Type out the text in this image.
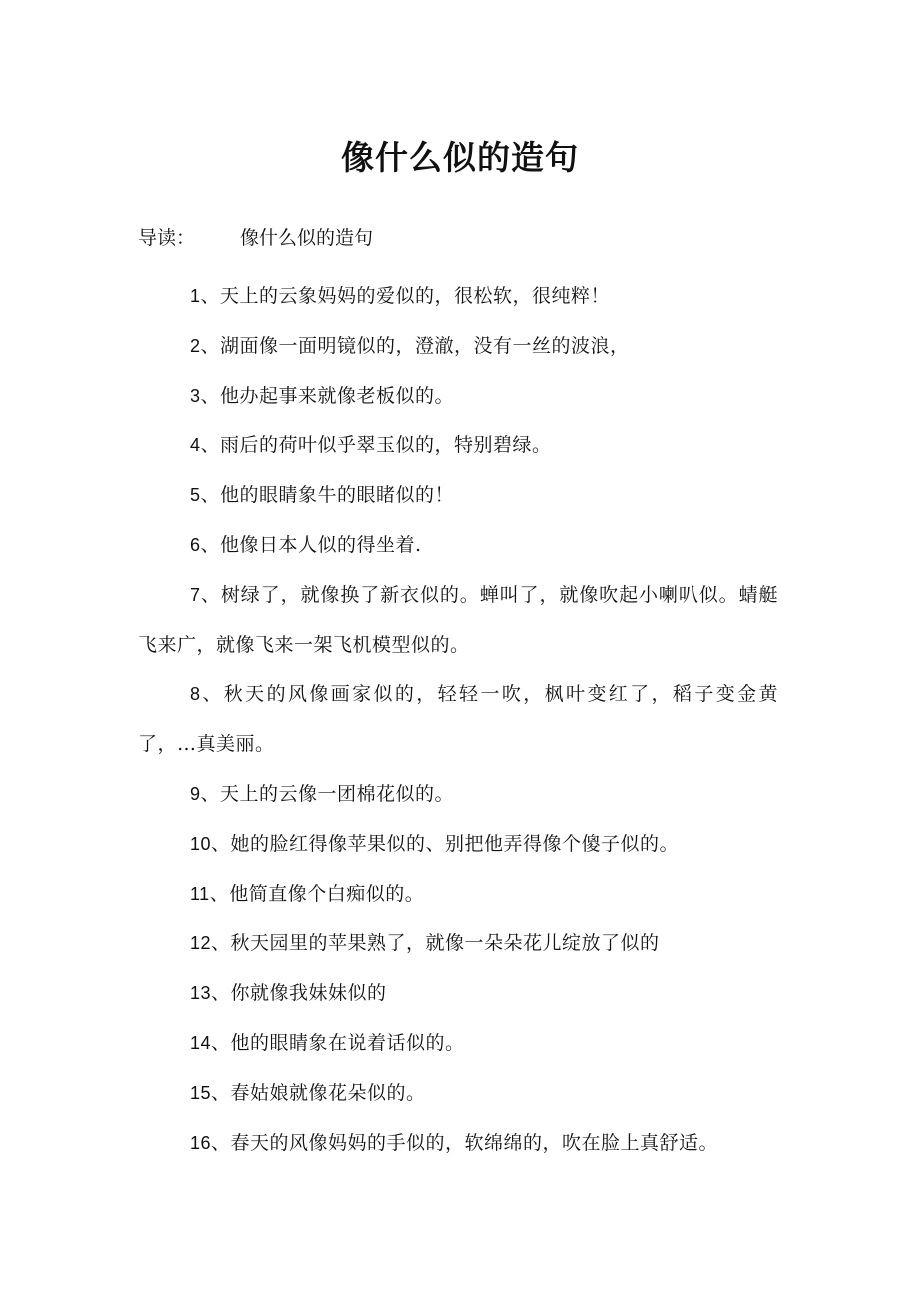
像什么似的造句
导读： 像什么似的造句

1、天上的云象妈妈的爱似的，很松软，很纯粹！

2、湖面像一面明镜似的，澄澈，没有一丝的波浪，

3、他办起事来就像老板似的。

4、雨后的荷叶似乎翠玉似的，特别碧绿。

5、他的眼睛象牛的眼睹似的！

6、他像日本人似的得坐着.

7、树绿了，就像换了新衣似的。蝉叫了，就像吹起小喇叭似。蜻艇飞来广，就像飞来一架飞机模型似的。

8、秋天的风像画家似的，轻轻一吹，枫叶变红了，稻子变金黄了，…真美丽。

9、天上的云像一团棉花似的。

10、她的脸红得像苹果似的、别把他弄得像个傻子似的。

11、他简直像个白痴似的。

12、秋天园里的苹果熟了，就像一朵朵花儿绽放了似的

13、你就像我妹妹似的

14、他的眼睛象在说着话似的。

15、春姑娘就像花朵似的。

16、春天的风像妈妈的手似的，软绵绵的，吹在脸上真舒适。
